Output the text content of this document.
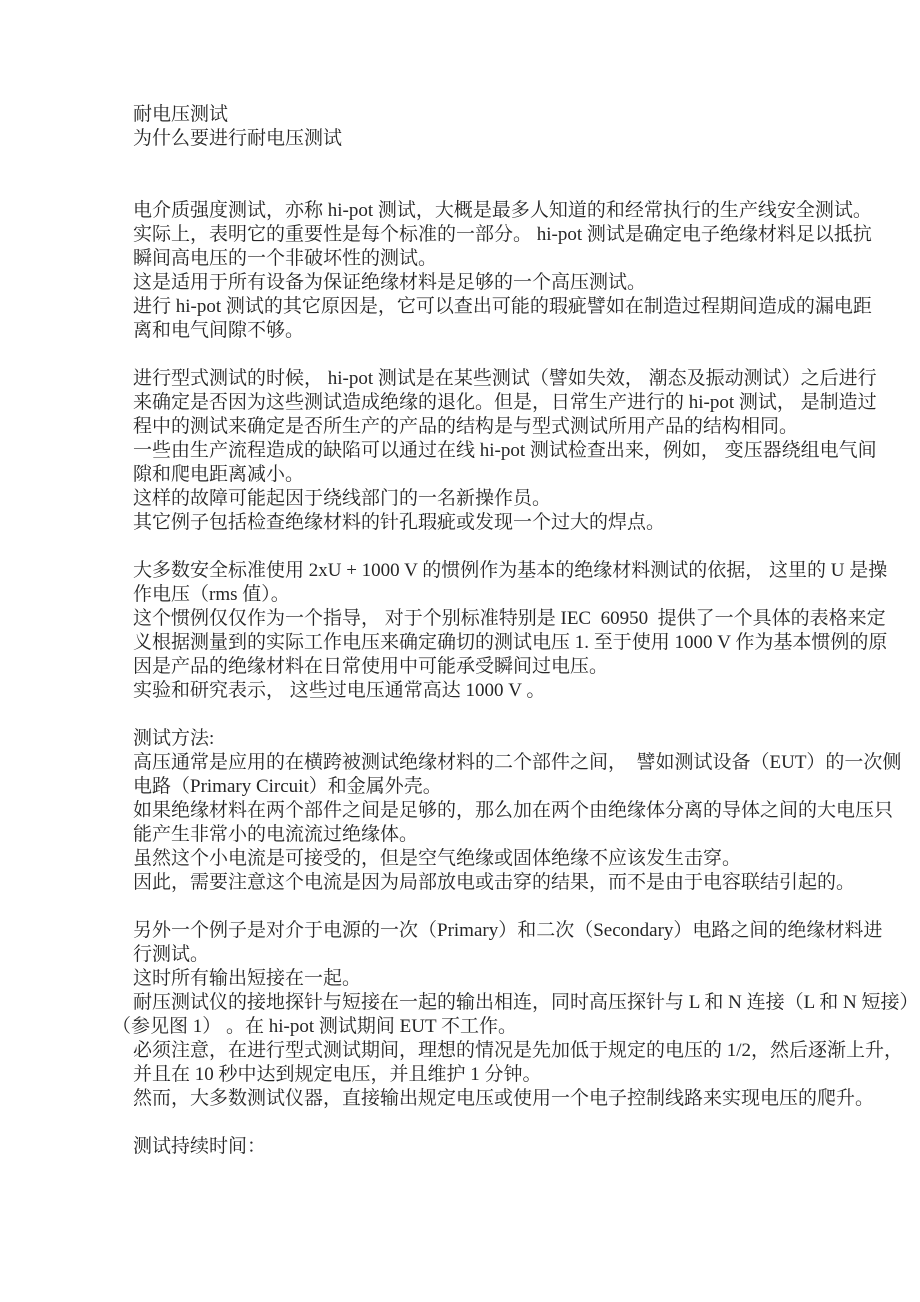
耐电压测试
为什么要进行耐电压测试
电介质强度测试，亦称 hi-pot 测试，大概是最多人知道的和经常执行的生产线安全测试。
实际上，表明它的重要性是每个标准的一部分。 hi-pot 测试是确定电子绝缘材料足以抵抗
瞬间高电压的一个非破坏性的测试。
这是适用于所有设备为保证绝缘材料是足够的一个高压测试。
进行 hi-pot 测试的其它原因是，它可以查出可能的瑕疵譬如在制造过程期间造成的漏电距
离和电气间隙不够。
进行型式测试的时候， hi-pot 测试是在某些测试（譬如失效， 潮态及振动测试）之后进行
来确定是否因为这些测试造成绝缘的退化。但是，日常生产进行的 hi-pot 测试， 是制造过
程中的测试来确定是否所生产的产品的结构是与型式测试所用产品的结构相同。
一些由生产流程造成的缺陷可以通过在线 hi-pot 测试检查出来，例如， 变压器绕组电气间
隙和爬电距离减小。
这样的故障可能起因于绕线部门的一名新操作员。
其它例子包括检查绝缘材料的针孔瑕疵或发现一个过大的焊点。
大多数安全标准使用 2xU + 1000 V 的惯例作为基本的绝缘材料测试的依据， 这里的 U 是操
作电压（rms 值）。
这个惯例仅仅作为一个指导， 对于个别标准特别是 IEC  60950  提供了一个具体的表格来定
义根据测量到的实际工作电压来确定确切的测试电压 1. 至于使用 1000 V 作为基本惯例的原
因是产品的绝缘材料在日常使用中可能承受瞬间过电压。
实验和研究表示， 这些过电压通常高达 1000 V 。
测试方法:
高压通常是应用的在横跨被测试绝缘材料的二个部件之间，  譬如测试设备（EUT）的一次侧
电路（Primary Circuit）和金属外壳。
如果绝缘材料在两个部件之间是足够的，那么加在两个由绝缘体分离的导体之间的大电压只
能产生非常小的电流流过绝缘体。
虽然这个小电流是可接受的，但是空气绝缘或固体绝缘不应该发生击穿。
因此，需要注意这个电流是因为局部放电或击穿的结果，而不是由于电容联结引起的。
另外一个例子是对介于电源的一次（Primary）和二次（Secondary）电路之间的绝缘材料进
行测试。
这时所有输出短接在一起。
耐压测试仪的接地探针与短接在一起的输出相连，同时高压探针与 L 和 N 连接（L 和 N 短接）
（参见图 1） 。在 hi-pot 测试期间 EUT 不工作。
必须注意，在进行型式测试期间，理想的情况是先加低于规定的电压的 1/2，然后逐渐上升，
并且在 10 秒中达到规定电压，并且维护 1 分钟。
然而，大多数测试仪器，直接输出规定电压或使用一个电子控制线路来实现电压的爬升。
测试持续时间：
